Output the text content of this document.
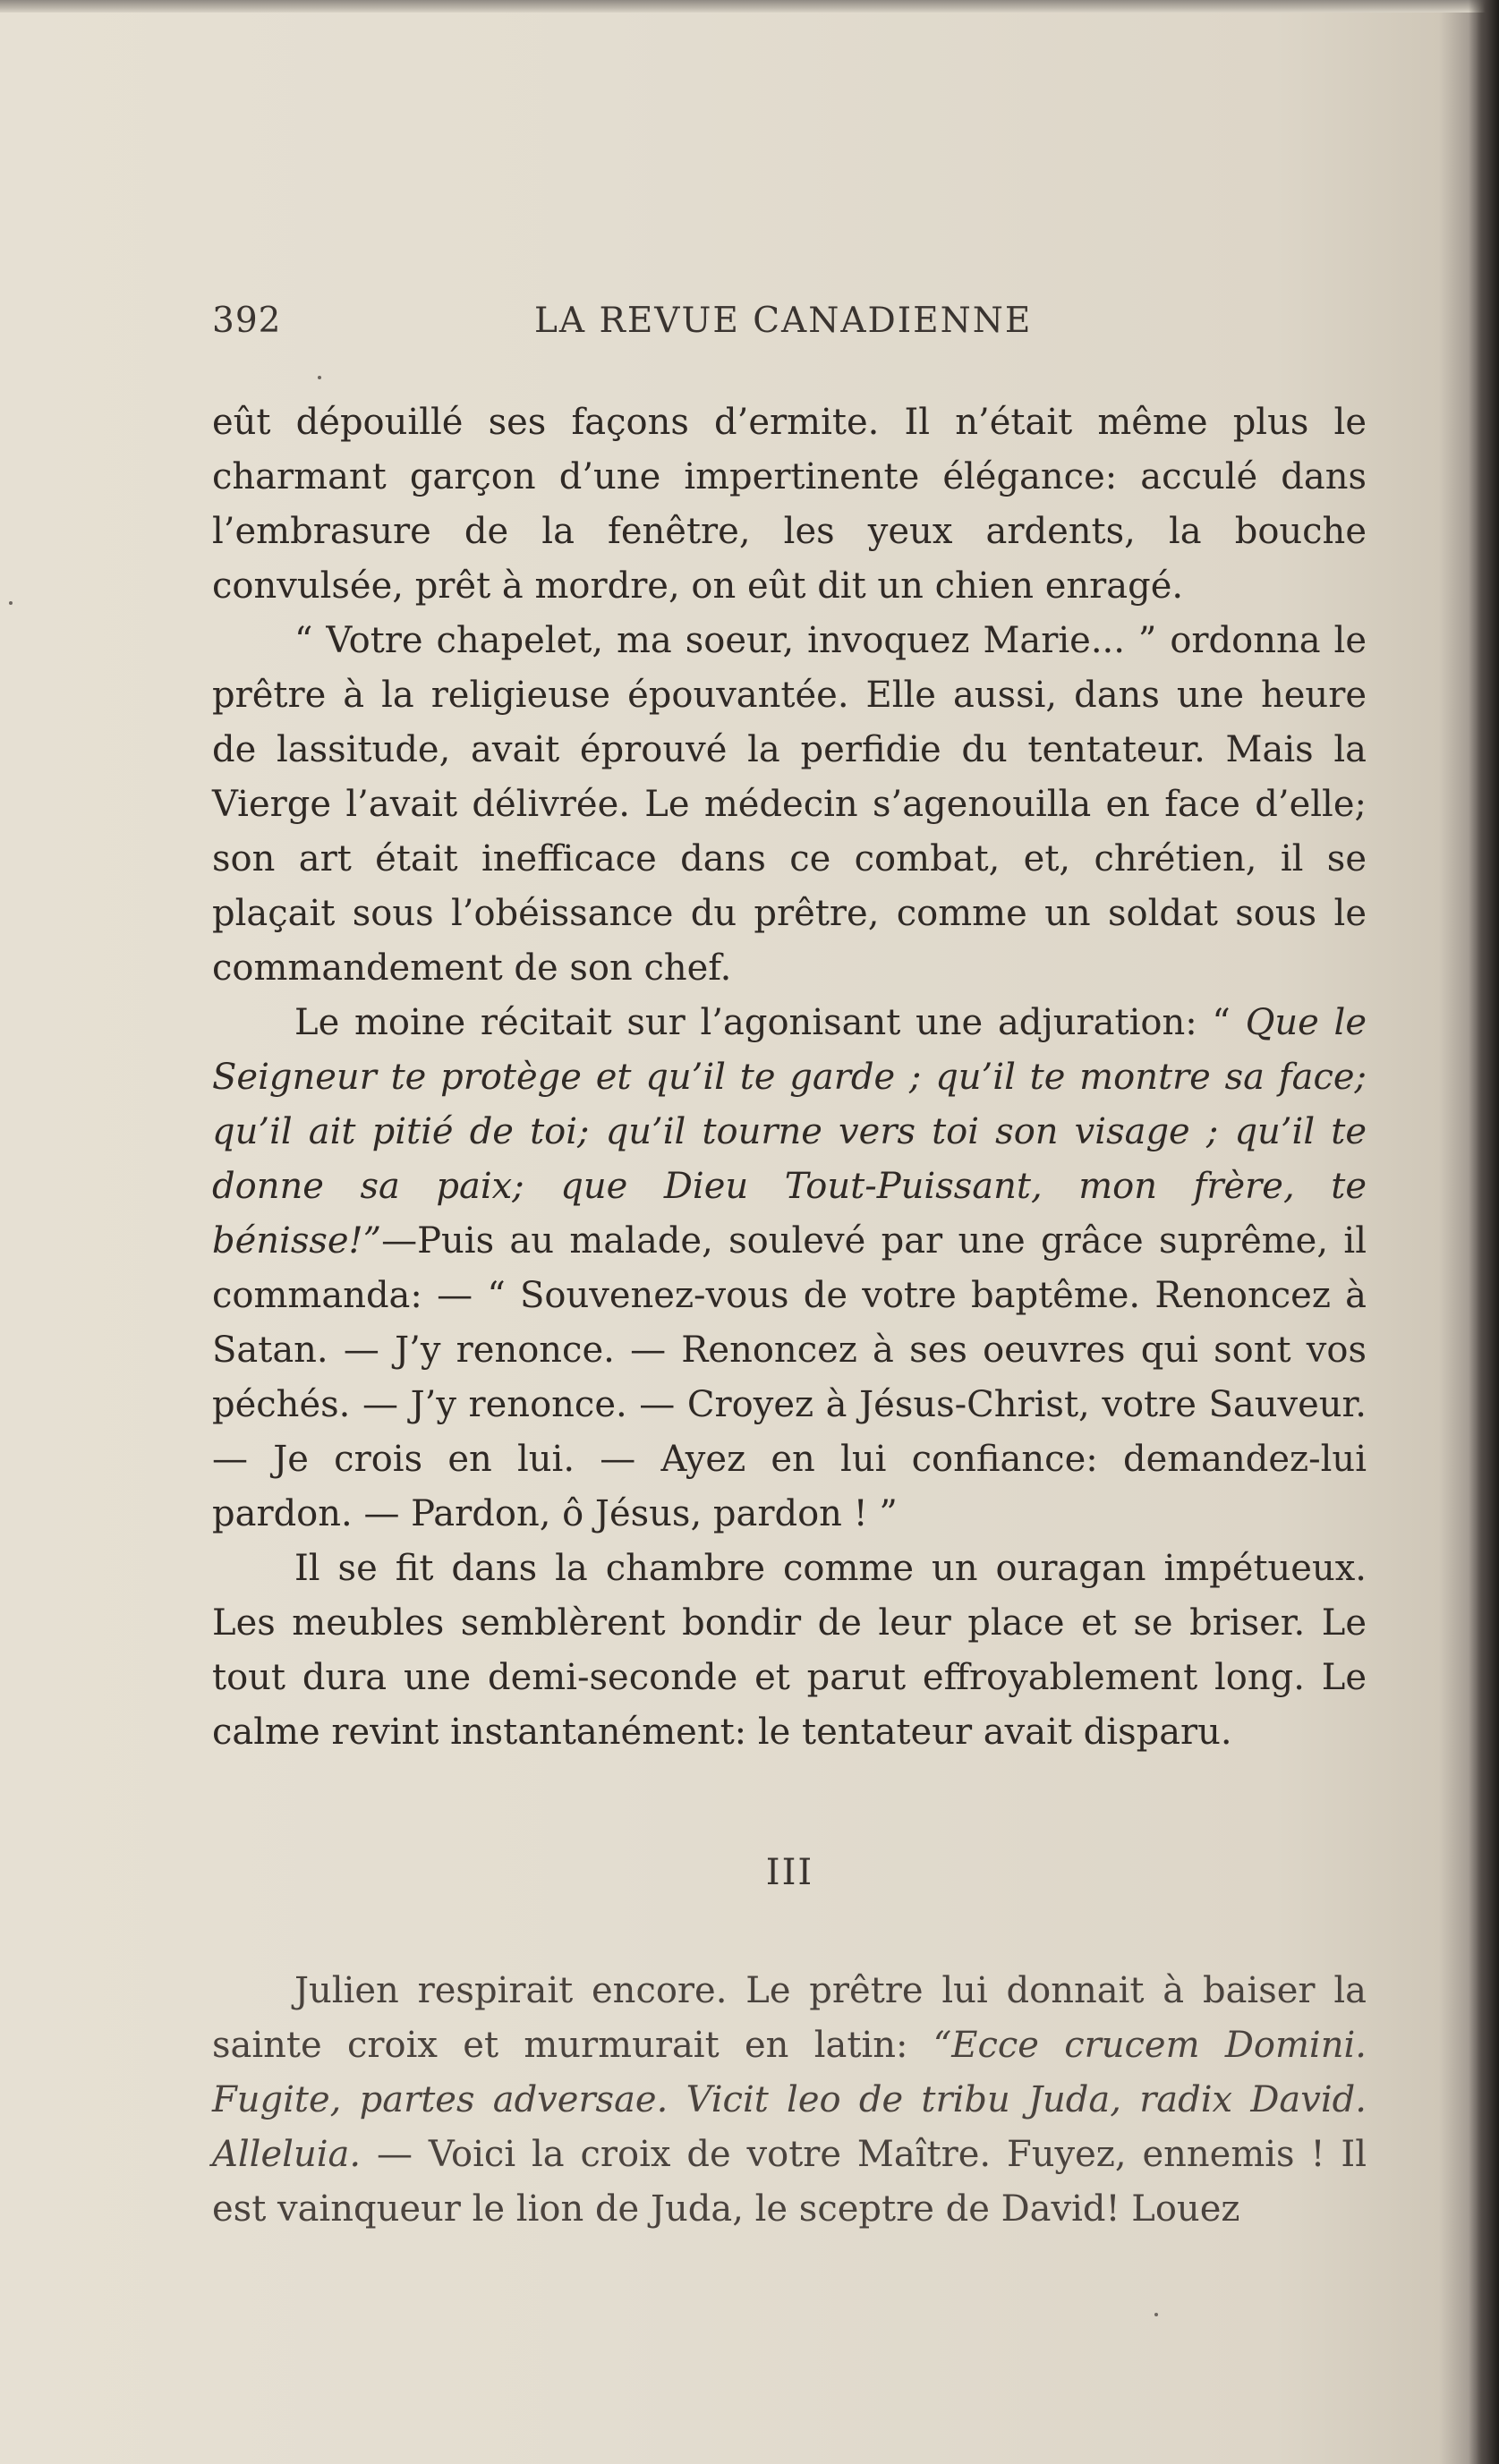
392	LA REVUE CANADIENNE

eût dépouillé ses façons d’ermite. Il n’était même plus le charmant garçon d’une impertinente élégance: acculé dans l’embrasure de la fenêtre, les yeux ardents, la bouche convulsée, prêt à mordre, on eût dit un chien enragé.

“ Votre chapelet, ma soeur, invoquez Marie... ” ordonna le prêtre à la religieuse épouvantée. Elle aussi, dans une heure de lassitude, avait éprouvé la perfidie du tentateur. Mais la Vierge l’avait délivrée. Le médecin s’agenouilla en face d’elle; son art était inefficace dans ce combat, et, chrétien, il se plaçait sous l’obéissance du prêtre, comme un soldat sous le commandement de son chef.

Le moine récitait sur l’agonisant une adjuration: “ Que le Seigneur te protège et qu’il te garde ; qu’il te montre sa face; qu’il ait pitié de toi; qu’il tourne vers toi son visage ; qu’il te donne sa paix; que Dieu Tout-Puissant, mon frère, te bénisse!”—Puis au malade, soulevé par une grâce suprême, il commanda: — “ Souvenez-vous de votre baptême. Renoncez à Satan. — J’y renonce. — Renoncez à ses oeuvres qui sont vos péchés. — J’y renonce. — Croyez à Jésus-Christ, votre Sauveur. — Je crois en lui. — Ayez en lui confiance: demandez-lui pardon. — Pardon, ô Jésus, pardon ! ”

Il se fit dans la chambre comme un ouragan impétueux. Les meubles semblèrent bondir de leur place et se briser. Le tout dura une demi-seconde et parut effroyablement long. Le calme revint instantanément: le tentateur avait disparu.

III

Julien respirait encore. Le prêtre lui donnait à baiser la sainte croix et murmurait en latin: “Ecce crucem Domini. Fugite, partes adversae. Vicit leo de tribu Juda, radix David. Alleluia. — Voici la croix de votre Maître. Fuyez, ennemis ! Il est vainqueur le lion de Juda, le sceptre de David! Louez
